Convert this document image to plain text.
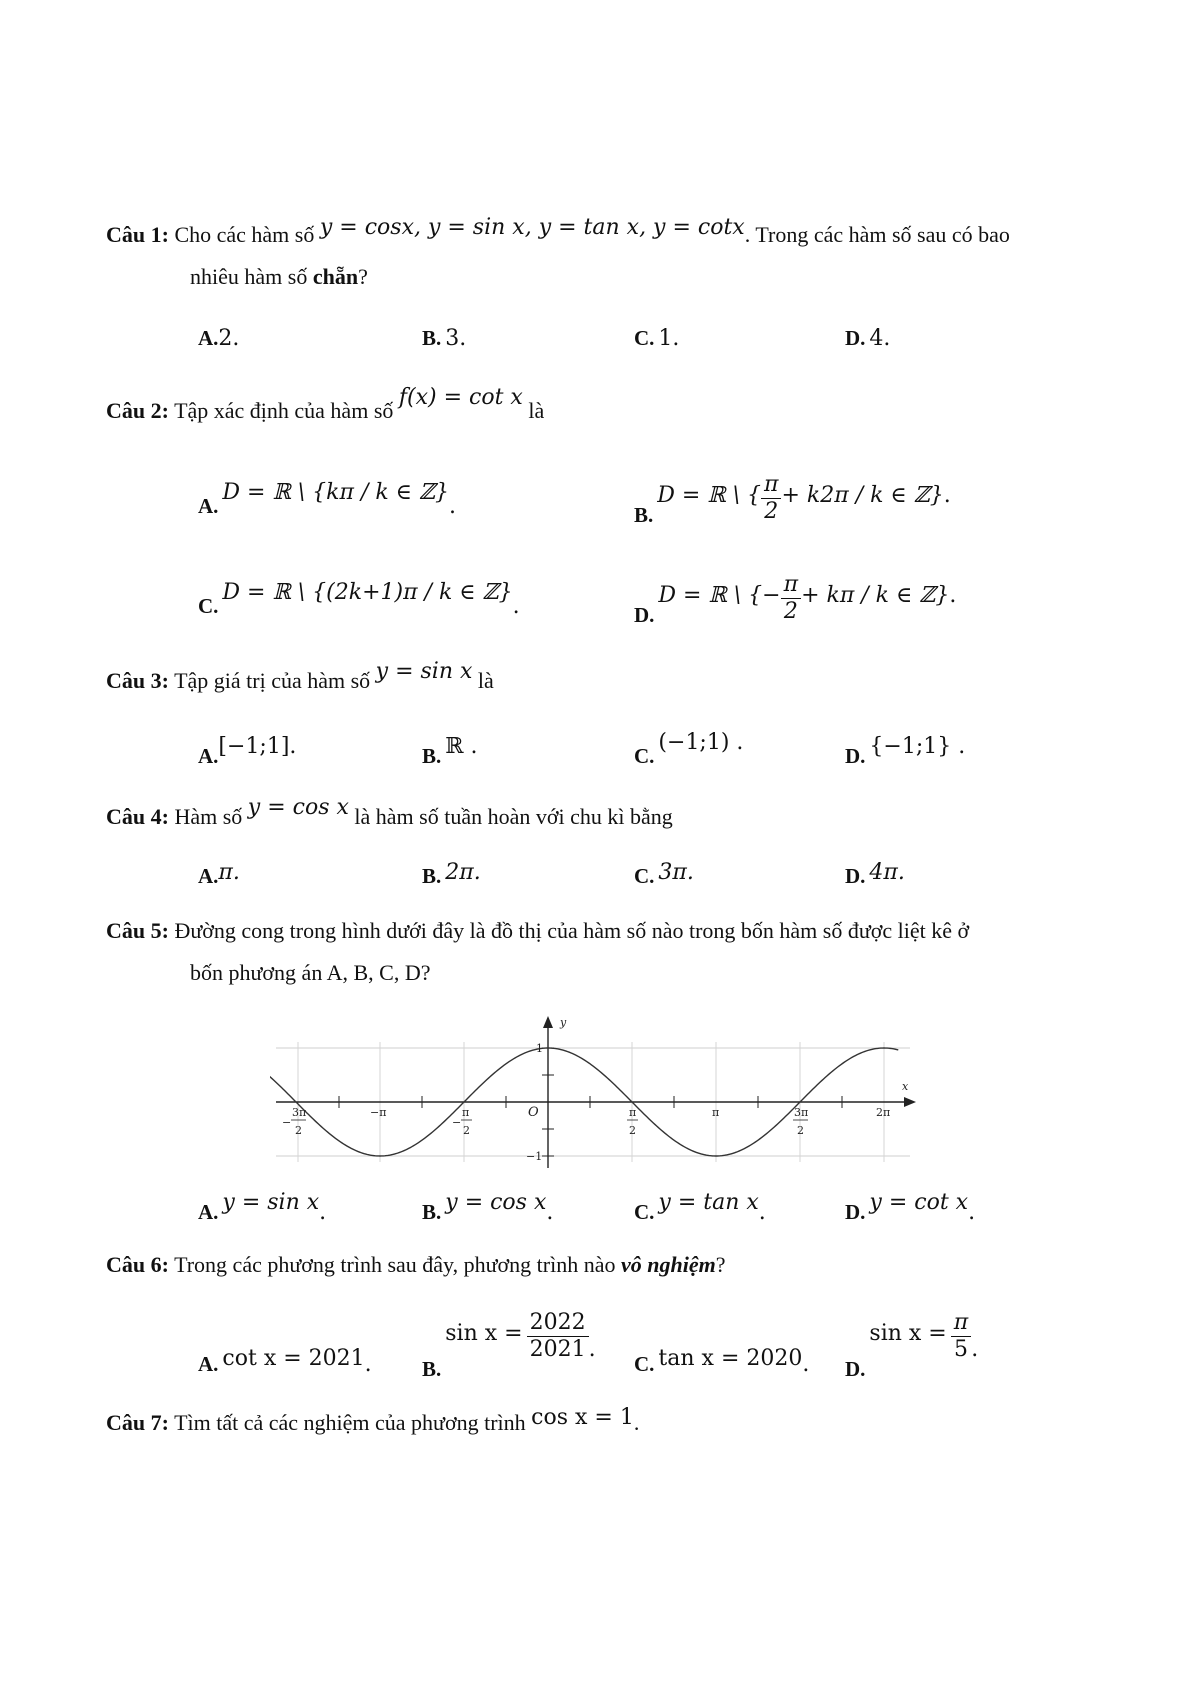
Câu 1: Cho các hàm số y = cosx, y = sin x, y = tan x, y = cotx. Trong các hàm số sau có bao
nhiêu hàm số chẵn?
A.2.	B. 3.	C. 1.	D. 4.
Câu 2: Tập xác định của hàm số f(x) = cot x là
A. D = ℝ \ {kπ / k ∈ ℤ}.	B. D = ℝ \ { $\frac{\pi}{2} + k2\pi / k$ ∈ ℤ}.
C. D = ℝ \ {(2k+1)π / k ∈ ℤ}.	D. D = ℝ \ {− $\frac{\pi}{2} + k\pi / k$ ∈ ℤ}.
Câu 3: Tập giá trị của hàm số y = sin x là
A.[−1;1].	B. ℝ .	C. (−1;1) .
D. {−1;1} .
Câu 4: Hàm số y = cos x là hàm số tuần hoàn với chu kì bằng
A.π.	B. 2π.	C. 3π.	D. 4π.
Câu 5: Đường cong trong hình dưới đây là đồ thị của hàm số nào trong bốn hàm số được liệt kê ở
bốn phương án A, B, C, D?
y
x
O
1
−1
−
3π
2
−π
−
π
2
π
2
π	3π
2
2π
A. y = sin x.	B. y = cos x.	C. y = tan x.	D. y = cot x.
Câu 6: Trong các phương trình sau đây, phương trình nào vô nghiệm?
A. cot x = 2021. B. $\sin x = \frac{2022}{2021}$ .
C. tan x = 2020. D. $\sin x = \frac{\pi}{5}$ .
Câu 7: Tìm tất cả các nghiệm của phương trình cos x = 1.
